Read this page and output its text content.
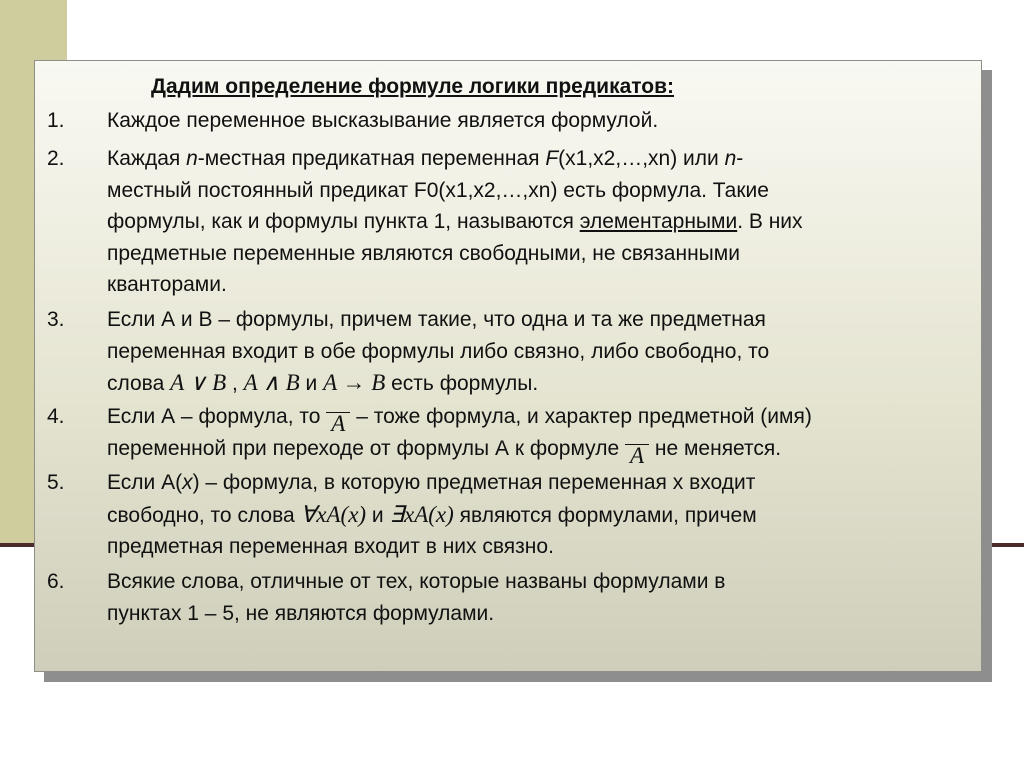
Дадим определение формуле логики предикатов:
1. Каждое переменное высказывание является формулой.
2. Каждая n-местная предикатная переменная F(x1,x2,…,xn) или n-
местный постоянный предикат F0(x1,x2,…,xn) есть формула. Такие
формулы, как и формулы пункта 1, называются элементарными. В них
предметные переменные являются свободными, не связанными
кванторами.
3. Если А и В – формулы, причем такие, что одна и та же предметная
переменная входит в обе формулы либо связно, либо свободно, то
слова A ∨ B , A ∧ B и A → B есть формулы.
4. Если А – формула, то A – тоже формула, и характер предметной (имя)
переменной при переходе от формулы А к формуле A не меняется.
5. Если А(x) – формула, в которую предметная переменная x входит
свободно, то слова ∀xA(x) и ∃xA(x) являются формулами, причем
предметная переменная входит в них связно.
6. Всякие слова, отличные от тех, которые названы формулами в
пунктах 1 – 5, не являются формулами.
